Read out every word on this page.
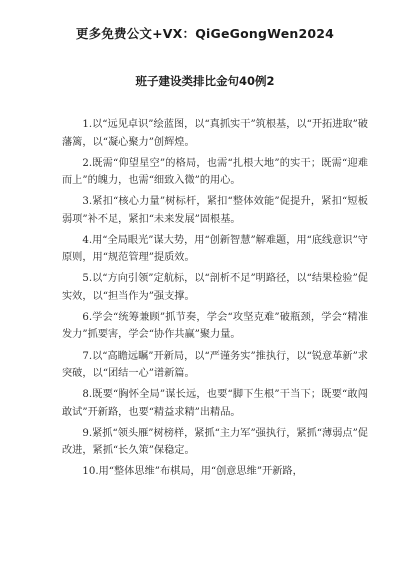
更多免费公文+VX：QiGeGongWen2024
班子建设类排比金句40例2
1.以“远见卓识”绘蓝图，以“真抓实干”筑根基，以“开拓进取”破藩篱，以“凝心聚力”创辉煌。
2.既需“仰望星空”的格局，也需“扎根大地”的实干；既需“迎难而上”的魄力，也需“细致入微”的用心。
3.紧扣“核心力量”树标杆，紧扣“整体效能”促提升，紧扣“短板弱项”补不足，紧扣“未来发展”固根基。
4.用“全局眼光”谋大势，用“创新智慧”解难题，用“底线意识”守原则，用“规范管理”提质效。
5.以“方向引领”定航标，以“剖析不足”明路径，以“结果检验”促实效，以“担当作为”强支撑。
6.学会“统筹兼顾”抓节奏，学会“攻坚克难”破瓶颈，学会“精准发力”抓要害，学会“协作共赢”聚力量。
7.以“高瞻远瞩”开新局，以“严谨务实”推执行，以“锐意革新”求突破，以“团结一心”谱新篇。
8.既要“胸怀全局”谋长远，也要“脚下生根”干当下；既要“敢闯敢试”开新路，也要“精益求精”出精品。
9.紧抓“领头雁”树榜样，紧抓“主力军”强执行，紧抓“薄弱点”促改进，紧抓“长久策”保稳定。
10.用“整体思维”布棋局，用“创意思维”开新路，
